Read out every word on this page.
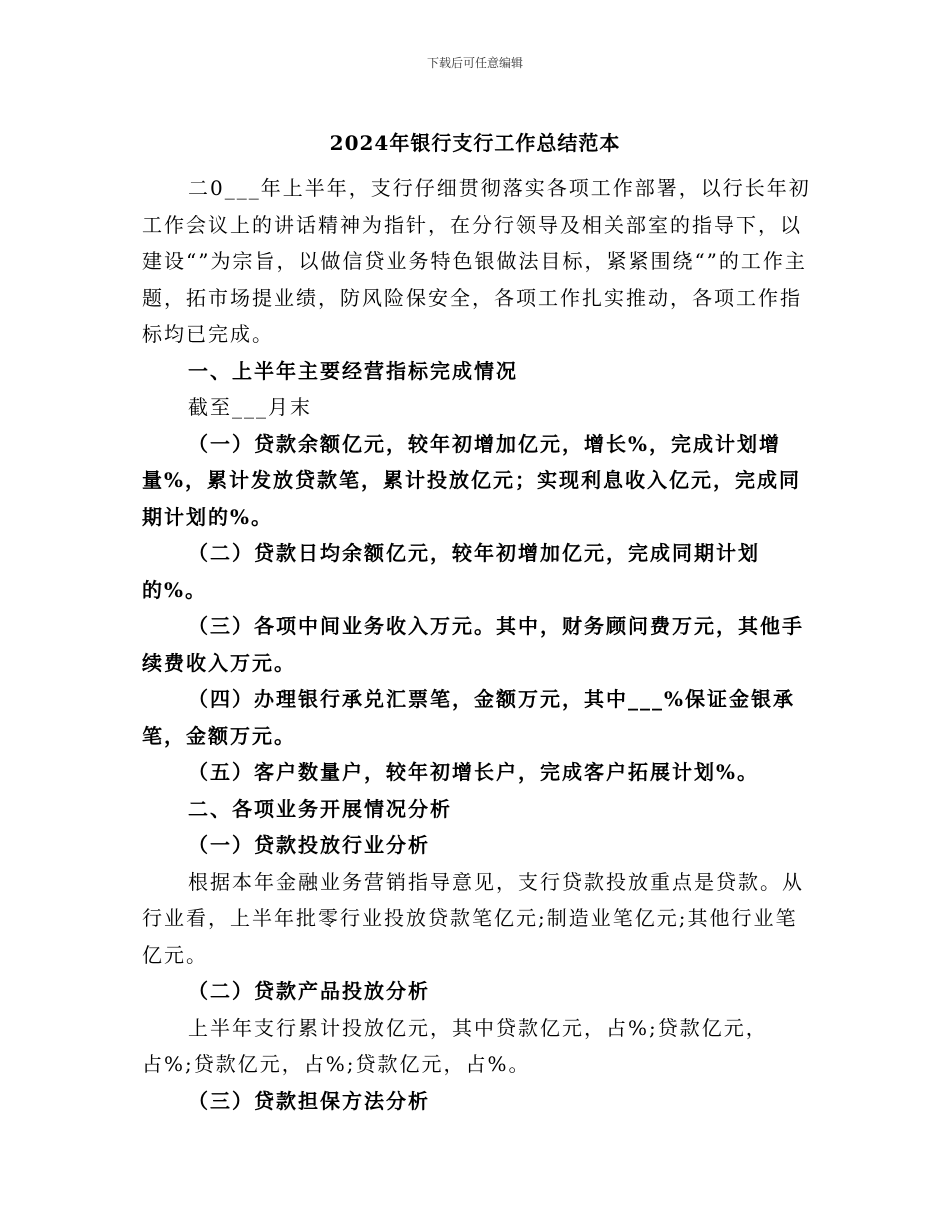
下载后可任意编辑
2024年银行支行工作总结范本

二0___年上半年，支行仔细贯彻落实各项工作部署，以行长年初工作会议上的讲话精神为指针，在分行领导及相关部室的指导下，以建设“”为宗旨，以做信贷业务特色银做法目标，紧紧围绕“”的工作主题，拓市场提业绩，防风险保安全，各项工作扎实推动，各项工作指标均已完成。

一、上半年主要经营指标完成情况

截至___月末

（一）贷款余额亿元，较年初增加亿元，增长%，完成计划增量%，累计发放贷款笔，累计投放亿元；实现利息收入亿元，完成同期计划的%。

（二）贷款日均余额亿元，较年初增加亿元，完成同期计划的%。

（三）各项中间业务收入万元。其中，财务顾问费万元，其他手续费收入万元。

（四）办理银行承兑汇票笔，金额万元，其中___%保证金银承笔，金额万元。

（五）客户数量户，较年初增长户，完成客户拓展计划%。

二、各项业务开展情况分析

（一）贷款投放行业分析

根据本年金融业务营销指导意见，支行贷款投放重点是贷款。从行业看，上半年批零行业投放贷款笔亿元;制造业笔亿元;其他行业笔亿元。

（二）贷款产品投放分析

上半年支行累计投放亿元，其中贷款亿元，占%;贷款亿元，占%;贷款亿元，占%;贷款亿元，占%。

（三）贷款担保方法分析
